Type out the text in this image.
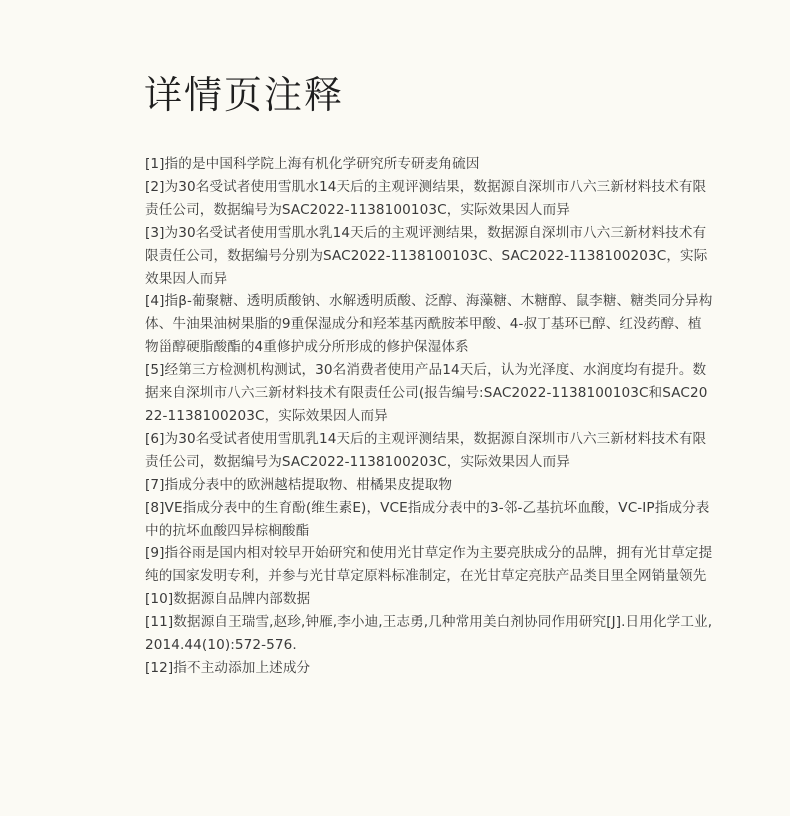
详情页注释
[1]指的是中国科学院上海有机化学研究所专研麦角硫因
[2]为30名受试者使用雪肌水14天后的主观评测结果，数据源自深圳市八六三新材料技术有限责任公司，数据编号为SAC2022-1138100103C，实际效果因人而异
[3]为30名受试者使用雪肌水乳14天后的主观评测结果，数据源自深圳市八六三新材料技术有限责任公司，数据编号分别为SAC2022-1138100103C、SAC2022-1138100203C，实际效果因人而异
[4]指β-葡聚糖、透明质酸钠、水解透明质酸、泛醇、海藻糖、木糖醇、鼠李糖、糖类同分异构体、牛油果油树果脂的9重保湿成分和羟苯基丙酰胺苯甲酸、4-叔丁基环已醇、红没药醇、植物甾醇硬脂酸酯的4重修护成分所形成的修护保湿体系
[5]经第三方检测机构测试，30名消费者使用产品14天后，认为光泽度、水润度均有提升。数据来自深圳市八六三新材料技术有限责任公司(报告编号:SAC2022-1138100103C和SAC2022-1138100203C，实际效果因人而异
[6]为30名受试者使用雪肌乳14天后的主观评测结果，数据源自深圳市八六三新材料技术有限责任公司，数据编号为SAC2022-1138100203C，实际效果因人而异
[7]指成分表中的欧洲越桔提取物、柑橘果皮提取物
[8]VE指成分表中的生育酚(维生素E)，VCE指成分表中的3-邻-乙基抗坏血酸，VC-IP指成分表中的抗坏血酸四异棕榈酸酯
[9]指谷雨是国内相对较早开始研究和使用光甘草定作为主要亮肤成分的品牌，拥有光甘草定提纯的国家发明专利，并参与光甘草定原料标准制定，在光甘草定亮肤产品类目里全网销量领先
[10]数据源自品牌内部数据
[11]数据源自王瑞雪,赵珍,钟雁,李小迪,王志勇,几种常用美白剂协同作用研究[J].日用化学工业,2014.44(10):572-576.
[12]指不主动添加上述成分
